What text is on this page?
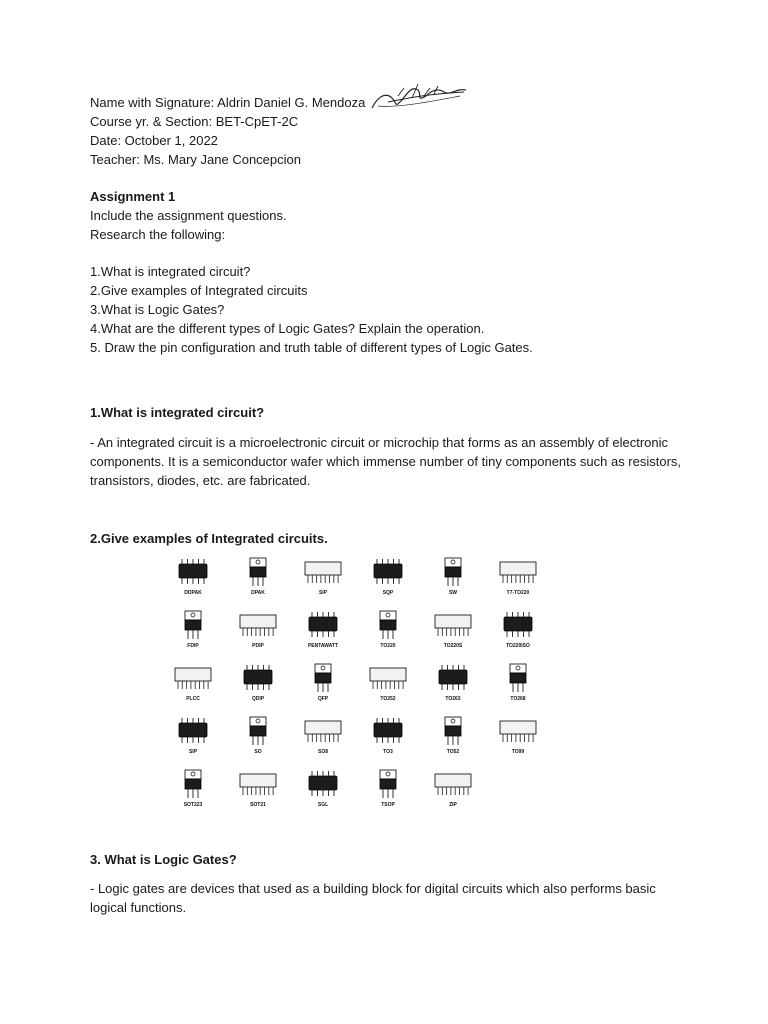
Name with Signature: Aldrin Daniel G. Mendoza
Course yr. & Section: BET-CpET-2C
Date: October 1, 2022
Teacher: Ms. Mary Jane Concepcion
Assignment 1
Include the assignment questions.
Research the following:
1.What is integrated circuit?
2.Give examples of Integrated circuits
3.What is Logic Gates?
4.What are the different types of Logic Gates? Explain the operation.
5. Draw the pin configuration and truth table of different types of Logic Gates.
1.What is integrated circuit?
- An integrated circuit is a microelectronic circuit or microchip that forms as an assembly of electronic components. It is a semiconductor wafer which immense number of tiny components such as resistors, transistors, diodes, etc. are fabricated.
2.Give examples of Integrated circuits.
DDPAK	DPAK	SIP	SQP	SW	T7-TO220
FDIP	PDIP	PENTAWATT	TO220	TO220S	TO220ISO
PLCC	QDIP	QFP	TO252	TO263	TO268
SIP	SO	SO8	TO3	TO52	TO99
SOT223	SOT21	SGL	TSOP	ZIP
3. What is Logic Gates?
- Logic gates are devices that used as a building block for digital circuits which also performs basic logical functions.
